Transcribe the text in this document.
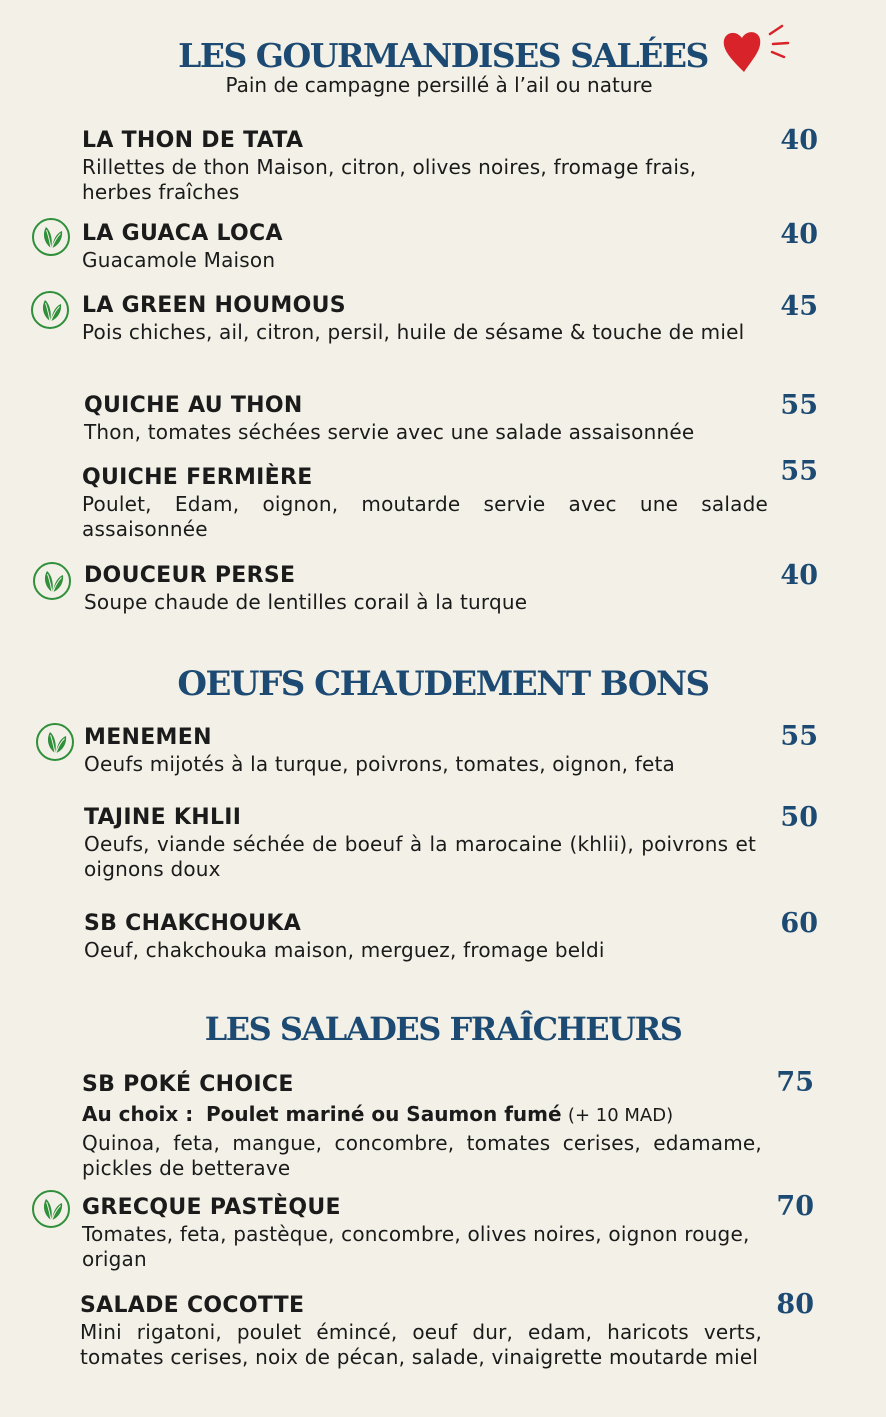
LES GOURMANDISES SALÉES

Pain de campagne persillé à l’ail ou nature

LA THON DE TATA
Rillettes de thon Maison, citron, olives noires, fromage frais, herbes fraîches
40
LA GUACA LOCA
Guacamole Maison
40
LA GREEN HOUMOUS
Pois chiches, ail, citron, persil, huile de sésame & touche de miel
45
QUICHE AU THON
Thon, tomates séchées servie avec une salade assaisonnée
55
QUICHE FERMIÈRE
Poulet, Edam, oignon, moutarde servie avec une salade assaisonnée
55
DOUCEUR PERSE
Soupe chaude de lentilles corail à la turque
40
OEUFS CHAUDEMENT BONS
MENEMEN
Oeufs mijotés à la turque, poivrons, tomates, oignon, feta
55
TAJINE KHLII
Oeufs, viande séchée de boeuf à la marocaine (khlii), poivrons et oignons doux
50
SB CHAKCHOUKA
Oeuf, chakchouka maison, merguez, fromage beldi
60
LES SALADES FRAÎCHEURS
SB POKÉ CHOICE
Au choix : Poulet mariné ou Saumon fumé (+ 10 MAD)
Quinoa, feta, mangue, concombre, tomates cerises, edamame, pickles de betterave
75
GRECQUE PASTÈQUE
Tomates, feta, pastèque, concombre, olives noires, oignon rouge, origan
70
SALADE COCOTTE
Mini rigatoni, poulet émincé, oeuf dur, edam, haricots verts, tomates cerises, noix de pécan, salade, vinaigrette moutarde miel
80
